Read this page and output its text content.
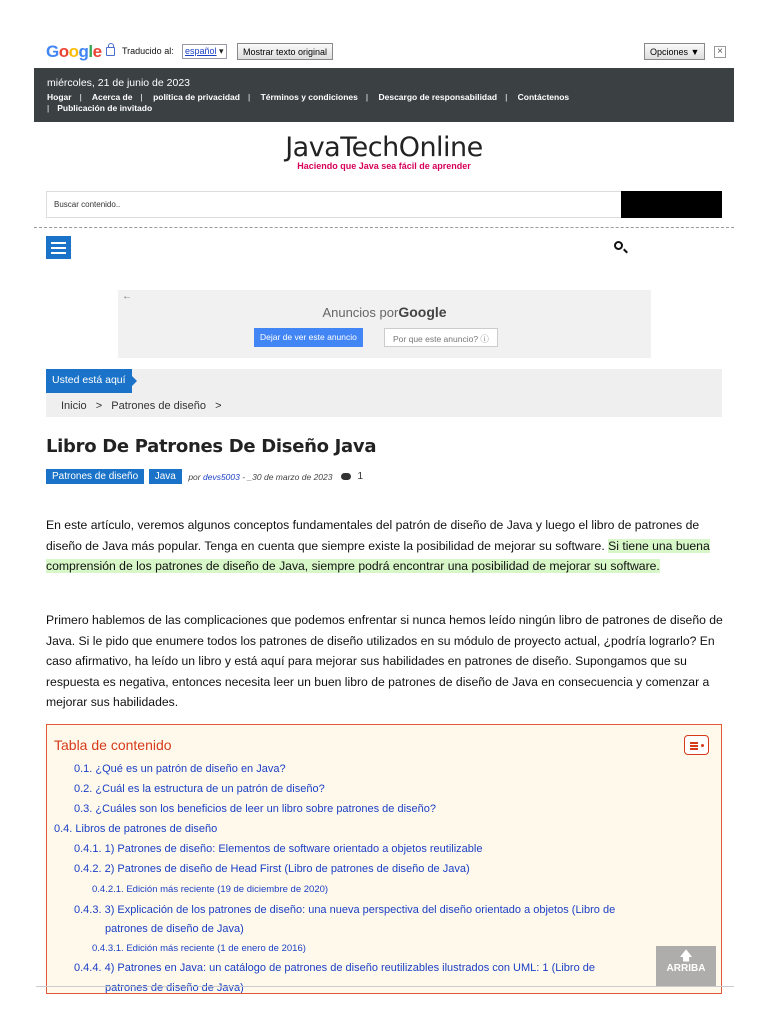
Google Traducido al:	español ▾	Mostrar texto original	Opciones ▼	×
miércoles, 21 de junio de 2023
Hogar | Acerca de | política de privacidad | Términos y condiciones | Descargo de responsabilidad | Contáctenos
| Publicación de invitado
JavaTechOnline
Haciendo que Java sea fácil de aprender
Buscar contenido..
←
Anuncios porGoogle
Dejar de ver este anuncio	Por que este anuncio? ⓘ
Usted está aquí
Inicio > Patrones de diseño >
Libro De Patrones De Diseño Java
Patrones de diseño Java por devs5003 - _30 de marzo de 2023	1
En este artículo, veremos algunos conceptos fundamentales del patrón de diseño de Java y luego el libro de patrones de diseño de Java más popular. Tenga en cuenta que siempre existe la posibilidad de mejorar su software. Si tiene una buena comprensión de los patrones de diseño de Java, siempre podrá encontrar una posibilidad de mejorar su software.
Primero hablemos de las complicaciones que podemos enfrentar si nunca hemos leído ningún libro de patrones de diseño de Java. Si le pido que enumere todos los patrones de diseño utilizados en su módulo de proyecto actual, ¿podría lograrlo? En caso afirmativo, ha leído un libro y está aquí para mejorar sus habilidades en patrones de diseño. Supongamos que su respuesta es negativa, entonces necesita leer un buen libro de patrones de diseño de Java en consecuencia y comenzar a mejorar sus habilidades.
Tabla de contenido
0.1. ¿Qué es un patrón de diseño en Java?
0.2. ¿Cuál es la estructura de un patrón de diseño?
0.3. ¿Cuáles son los beneficios de leer un libro sobre patrones de diseño?
0.4. Libros de patrones de diseño
0.4.1. 1) Patrones de diseño: Elementos de software orientado a objetos reutilizable
0.4.2. 2) Patrones de diseño de Head First (Libro de patrones de diseño de Java)
0.4.2.1. Edición más reciente (19 de diciembre de 2020)
0.4.3. 3) Explicación de los patrones de diseño: una nueva perspectiva del diseño orientado a objetos (Libro de
patrones de diseño de Java)
0.4.3.1. Edición más reciente (1 de enero de 2016)
0.4.4. 4) Patrones en Java: un catálogo de patrones de diseño reutilizables ilustrados con UML: 1 (Libro de
patrones de diseño de Java)
🡅
ARRIBA
